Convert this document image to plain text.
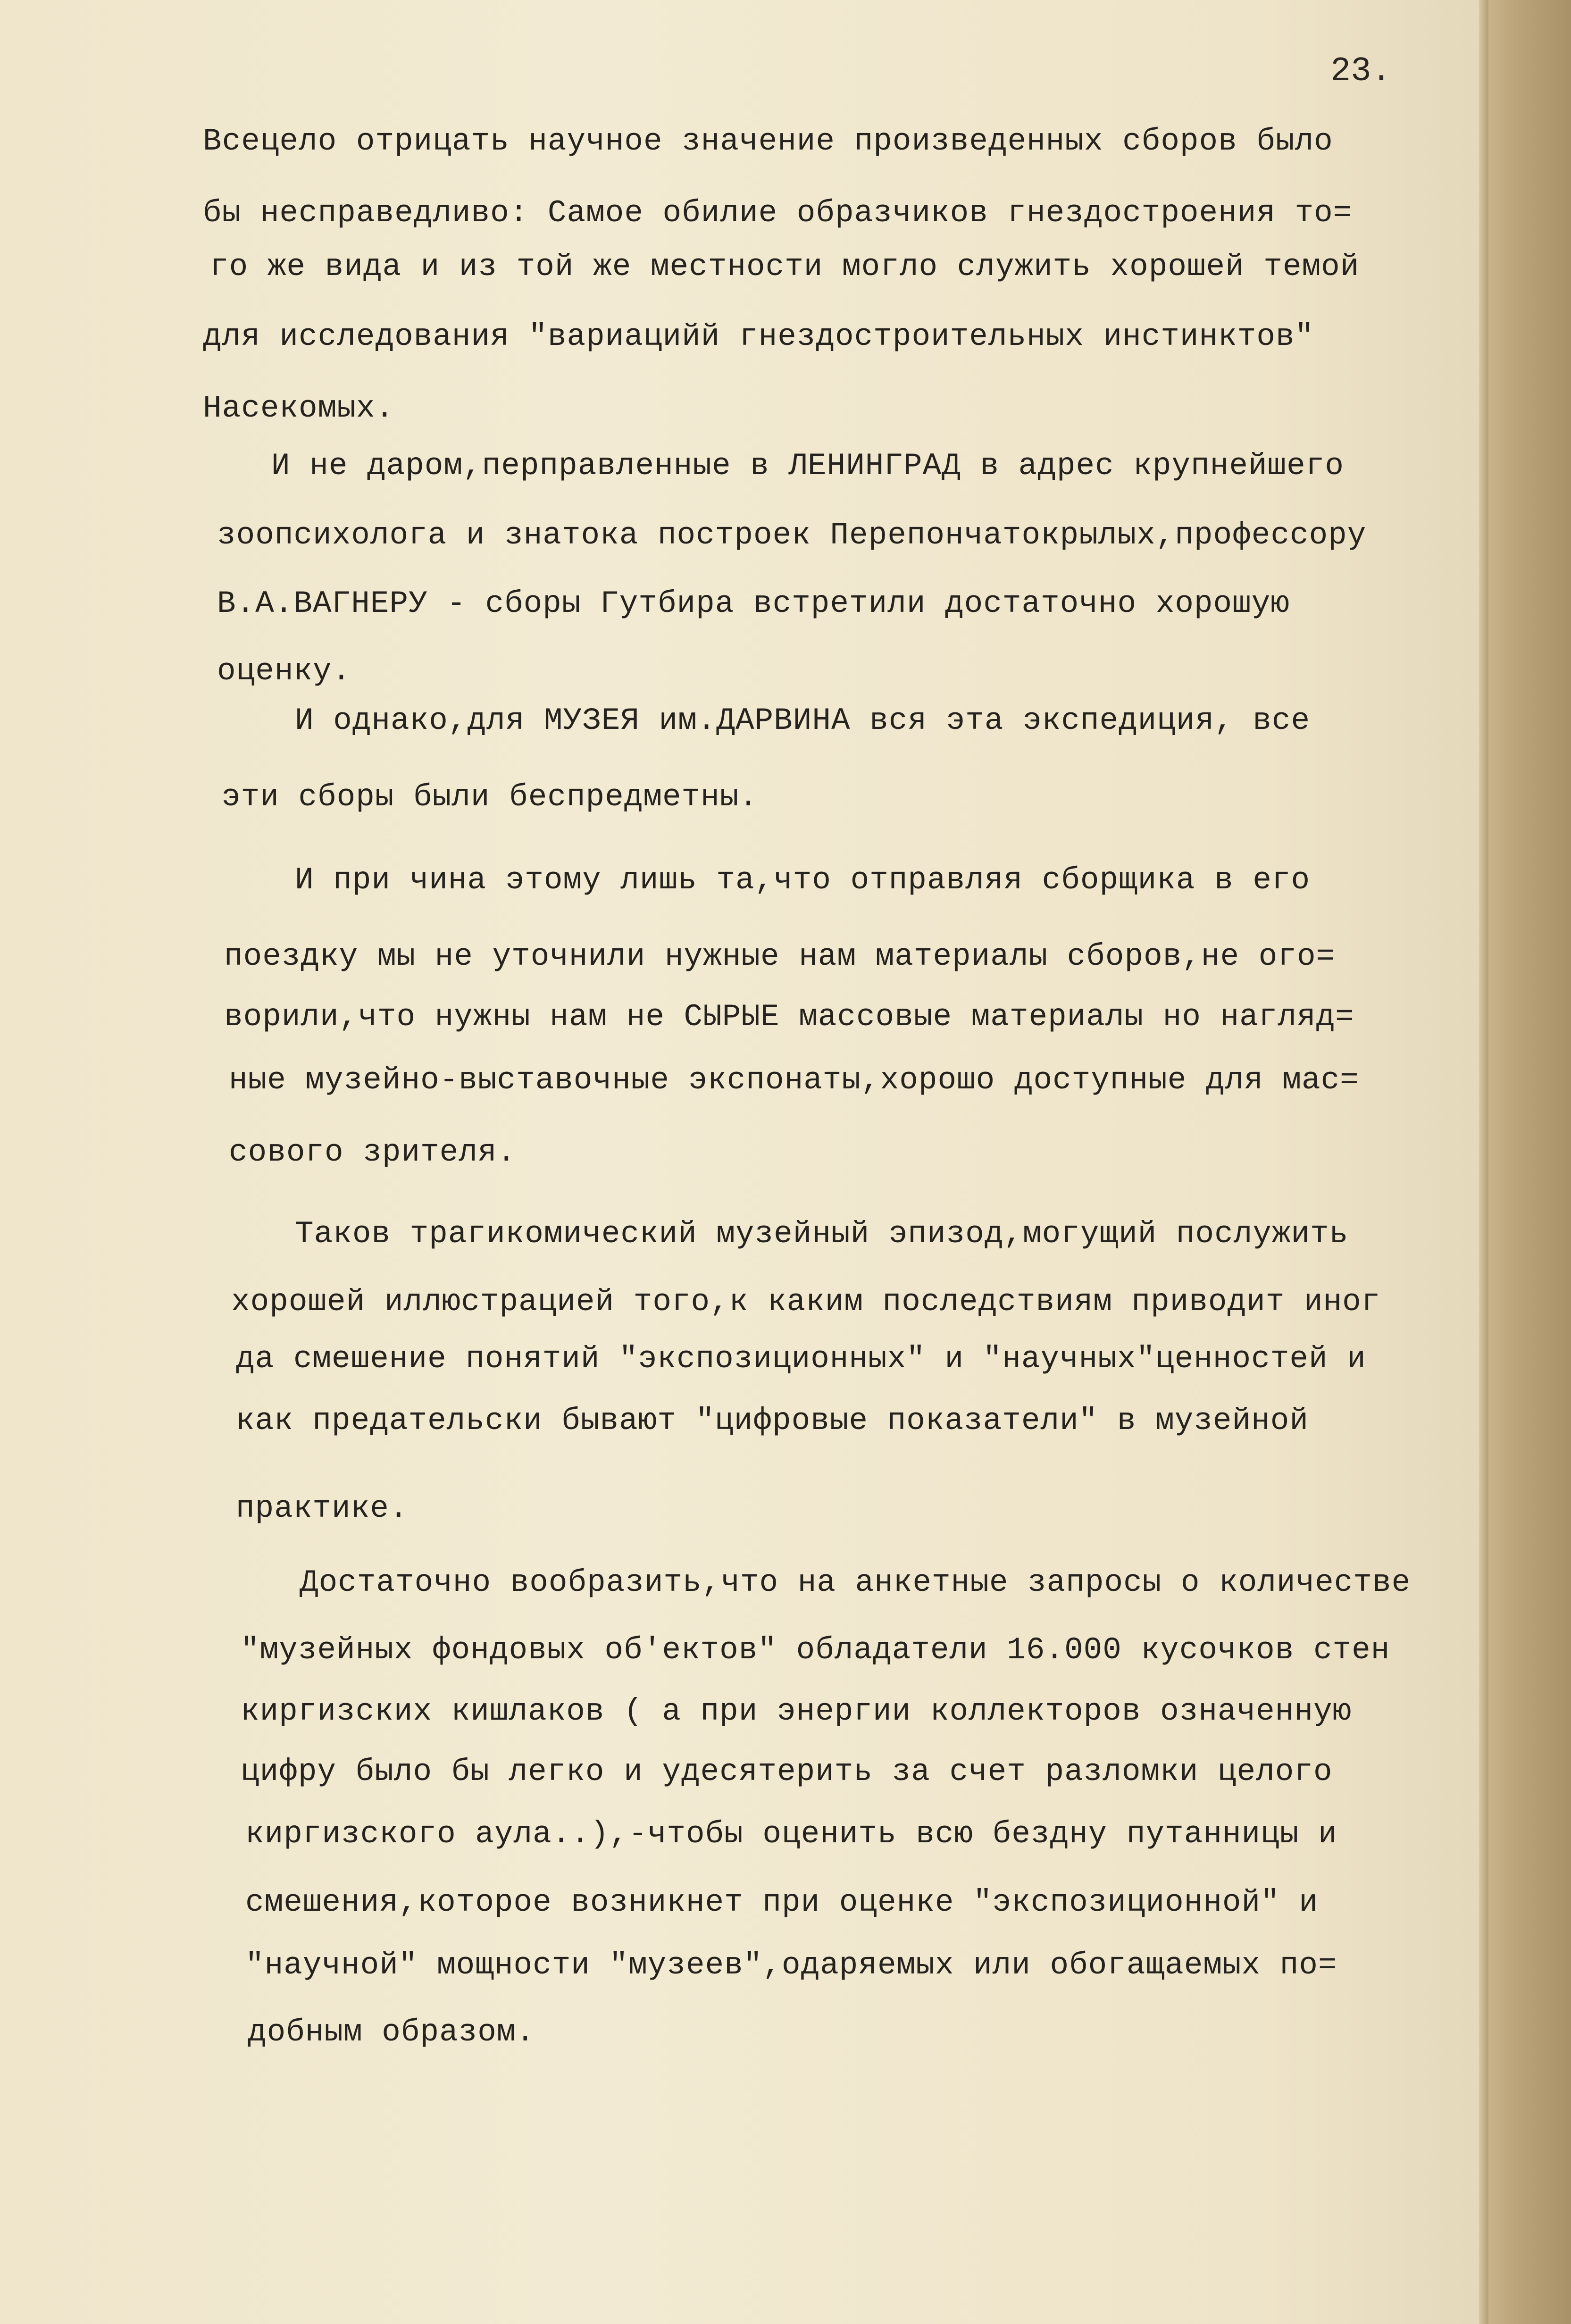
23.
Всецело отрицать научное значение произведенных сборов было
бы несправедливо: Самое обилие образчиков гнездостроения то=
го же вида и из той же местности могло служить хорошей темой
для исследования "вариацийй гнездостроительных инстинктов"
Насекомых.
И не даром,перправленные в ЛЕНИНГРАД в адрес крупнейшего
зоопсихолога и знатока построек Перепончатокрылых,профессору
В.А.ВАГНЕРУ - сборы Гутбира встретили достаточно хорошую
оценку.
И однако,для МУЗЕЯ им.ДАРВИНА вся эта экспедиция, все
эти сборы были беспредметны.
И при чина этому лишь та,что отправляя сборщика в его
поездку мы не уточнили нужные нам материалы сборов,не ого=
ворили,что нужны нам не СЫРЫЕ массовые материалы но нагляд=
ные музейно-выставочные экспонаты,хорошо доступные для мас=
сового зрителя.
Таков трагикомический музейный эпизод,могущий послужить
хорошей иллюстрацией того,к каким последствиям приводит иног
да смешение понятий "экспозиционных" и "научных"ценностей и
как предательски бывают "цифровые показатели" в музейной
практике.
Достаточно вообразить,что на анкетные запросы о количестве
"музейных фондовых об'ектов" обладатели 16.000 кусочков стен
киргизских кишлаков ( а при энергии коллекторов означенную
цифру было бы легко и удесятерить за счет разломки целого
киргизского аула..),-чтобы оценить всю бездну путанницы и
смешения,которое возникнет при оценке "экспозиционной" и
"научной" мощности "музеев",одаряемых или обогащаемых по=
добным образом.
